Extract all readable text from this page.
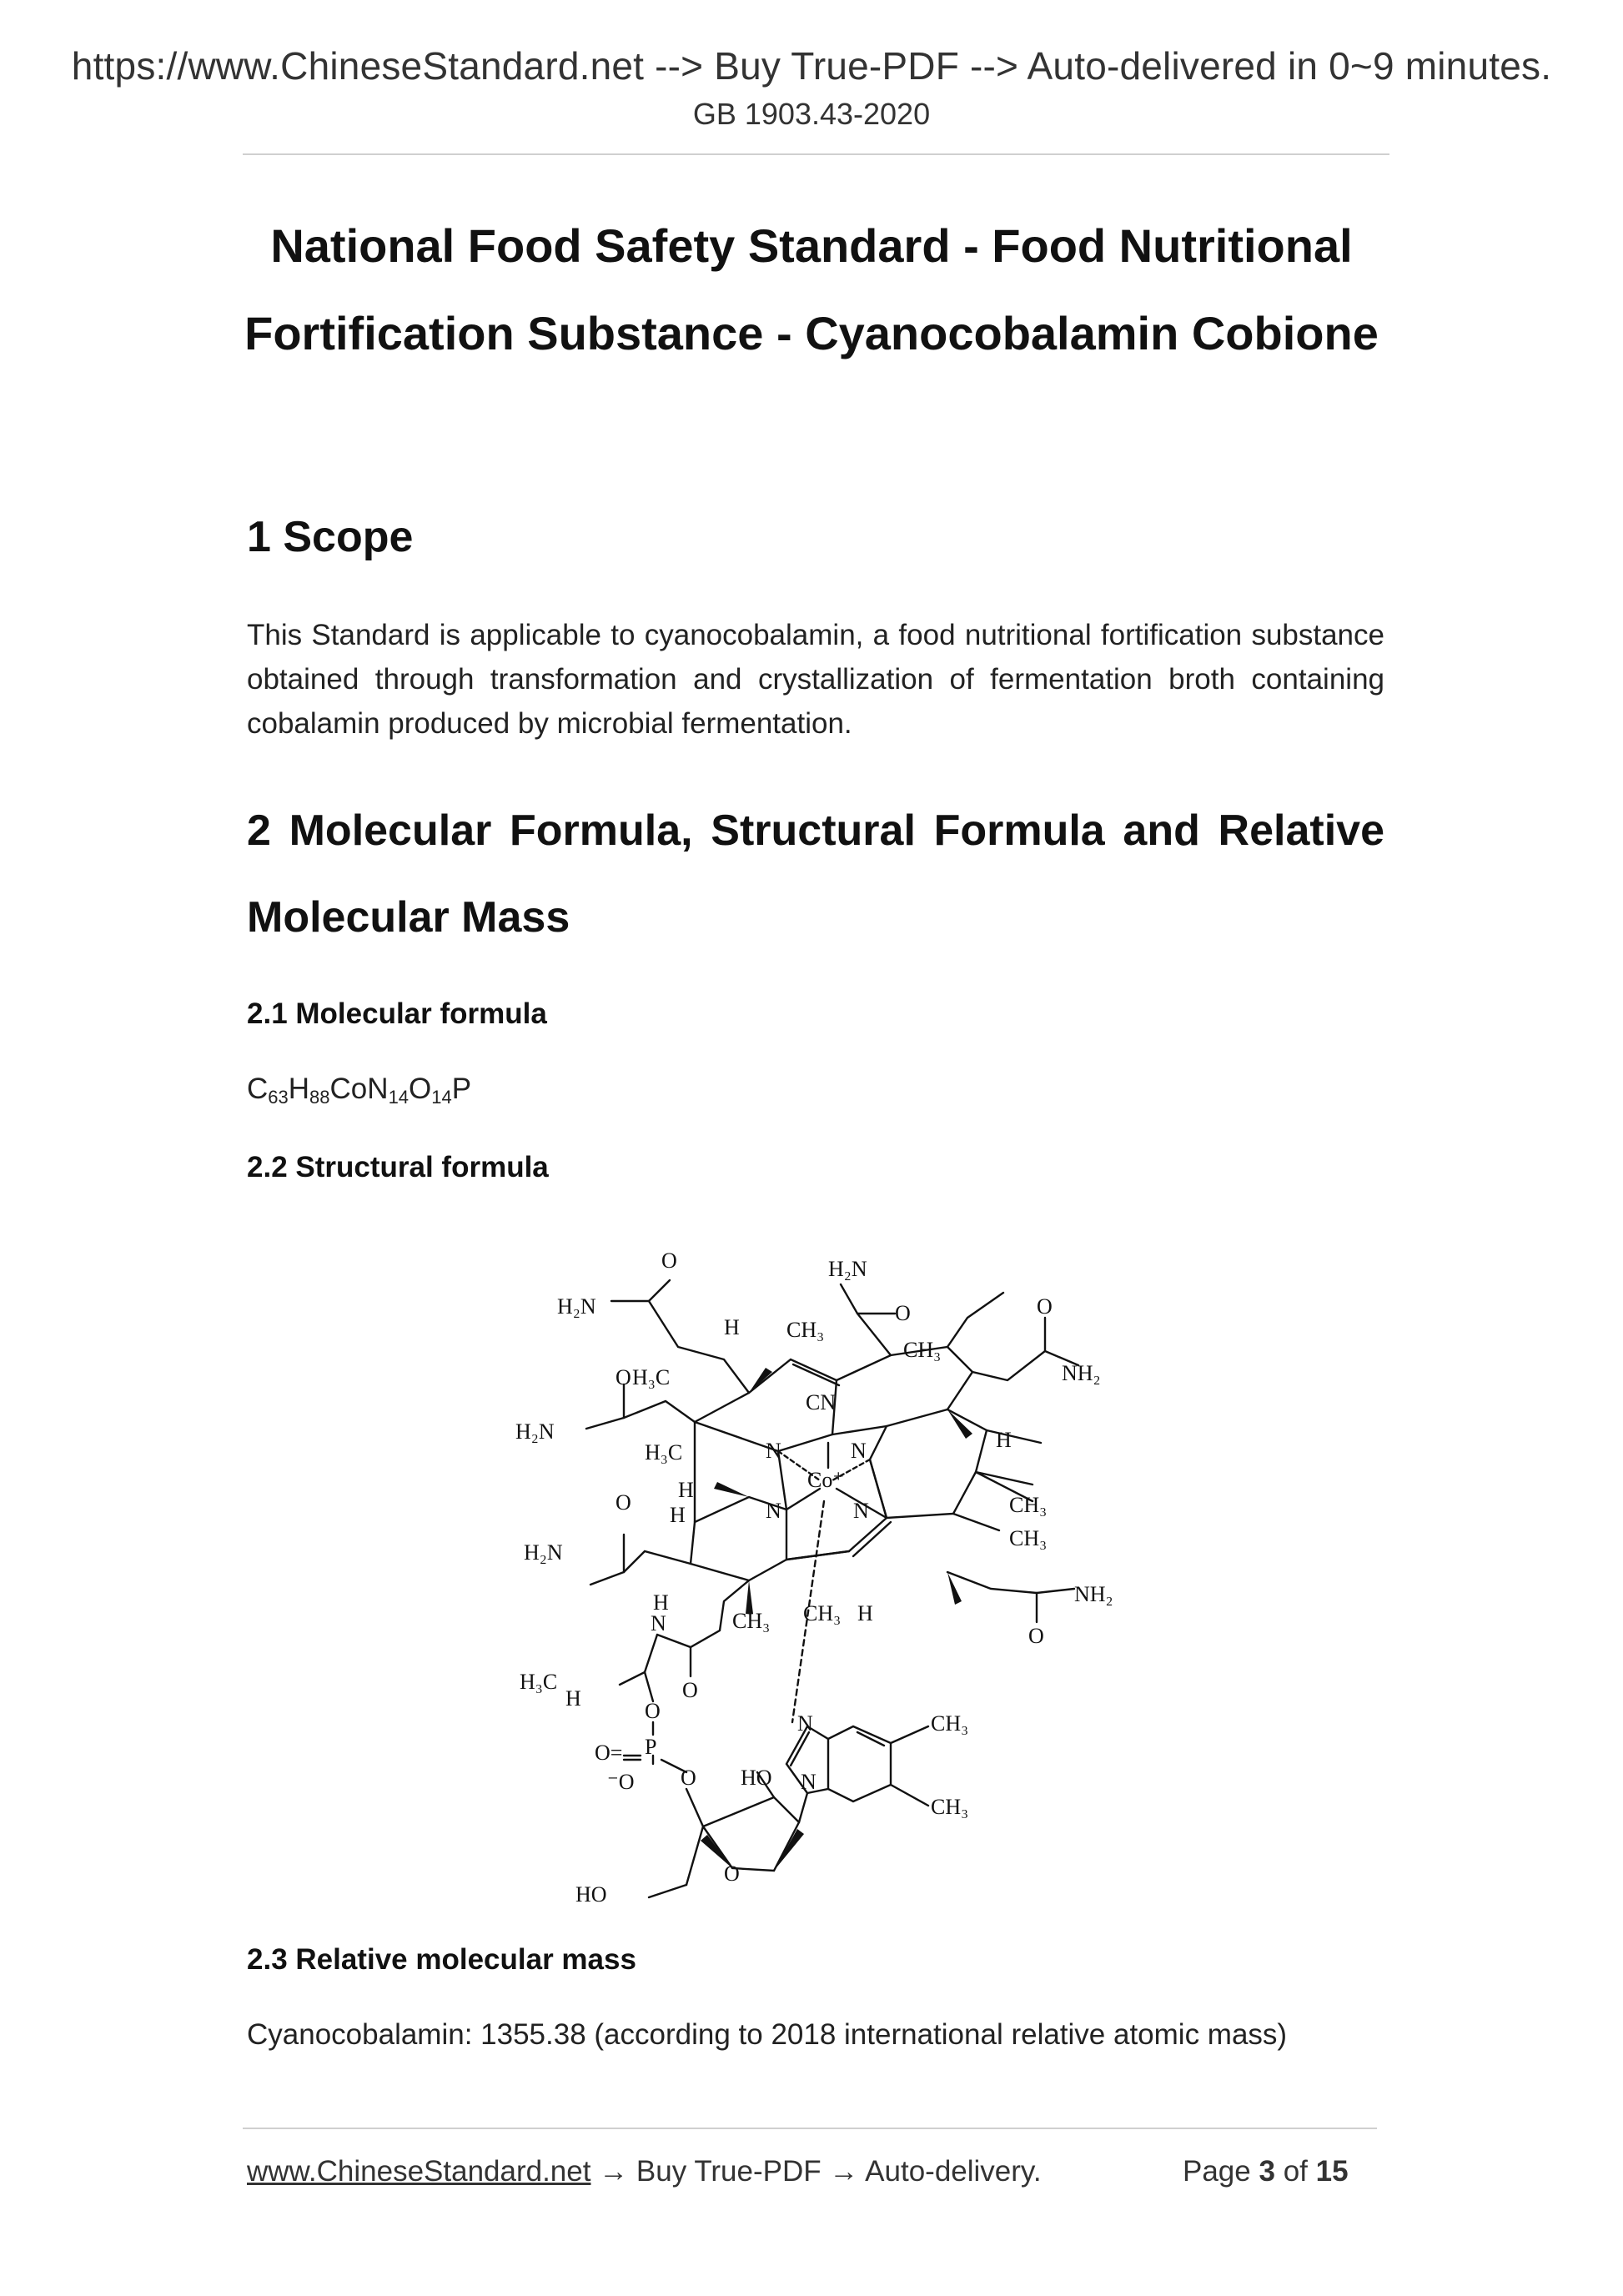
https://www.ChineseStandard.net --> Buy True-PDF --> Auto-delivered in 0~9 minutes.
GB 1903.43-2020
National Food Safety Standard - Food Nutritional
Fortification Substance - Cyanocobalamin Cobione
1 Scope
This Standard is applicable to cyanocobalamin, a food nutritional fortification substance obtained through transformation and crystallization of fermentation broth containing cobalamin produced by microbial fermentation.
2 Molecular Formula, Structural Formula and Relative
Molecular Mass
2.1 Molecular formula
$C_{63}H_{88}CoN_{14}O_{14}P$
2.2 Structural formula
H₂N
O	H₂N
O
H CH₃
CH₃
O
NH₂
O H₃C
H₂N
CN
N	N	H
H₃C
Co⁺
H
N	N
O
H	CH₃
CH₃
H₂N
H
N	CH₃ CH₃ H
NH₂
O
O
H₃C
H
O
P
O=
⁻O O
N	CH₃
HO N
CH₃
O
HO
2.3 Relative molecular mass
Cyanocobalamin: 1355.38 (according to 2018 international relative atomic mass)
www.ChineseStandard.net → Buy True-PDF → Auto-delivery.	Page 3 of 15
